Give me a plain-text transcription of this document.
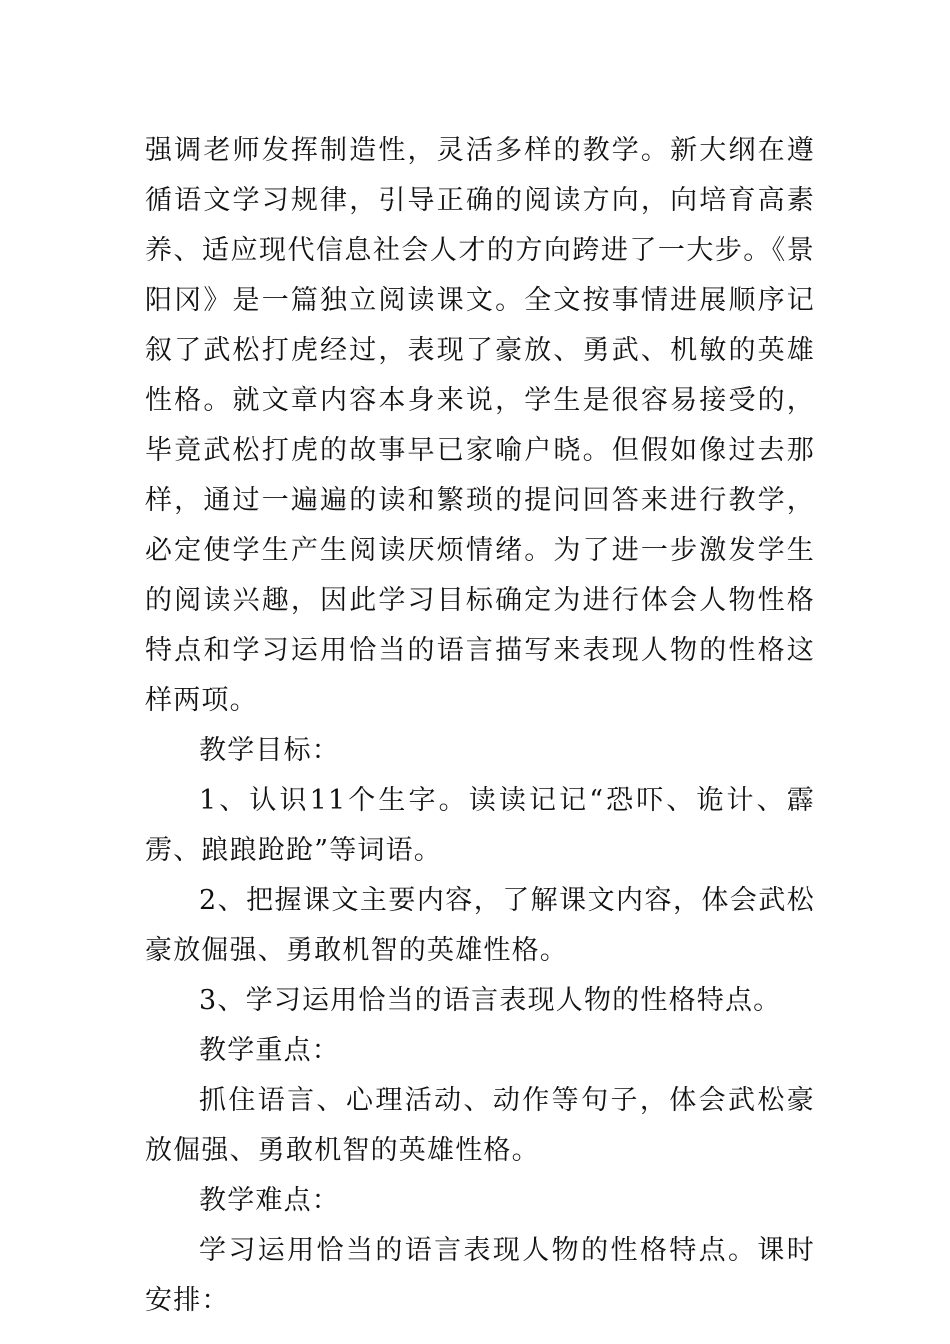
强调老师发挥制造性，灵活多样的教学。新大纲在遵循语文学习规律，引导正确的阅读方向，向培育高素养、适应现代信息社会人才的方向跨进了一大步。《景阳冈》是一篇独立阅读课文。全文按事情进展顺序记叙了武松打虎经过，表现了豪放、勇武、机敏的英雄性格。就文章内容本身来说，学生是很容易接受的，毕竟武松打虎的故事早已家喻户晓。但假如像过去那样，通过一遍遍的读和繁琐的提问回答来进行教学，必定使学生产生阅读厌烦情绪。为了进一步激发学生的阅读兴趣，因此学习目标确定为进行体会人物性格特点和学习运用恰当的语言描写来表现人物的性格这样两项。

教学目标：

1、认识11个生字。读读记记“恐吓、诡计、霹雳、踉踉跄跄”等词语。

2、把握课文主要内容，了解课文内容，体会武松豪放倔强、勇敢机智的英雄性格。

3、学习运用恰当的语言表现人物的性格特点。

教学重点：

抓住语言、心理活动、动作等句子，体会武松豪放倔强、勇敢机智的英雄性格。

教学难点：

学习运用恰当的语言表现人物的性格特点。课时安排：
